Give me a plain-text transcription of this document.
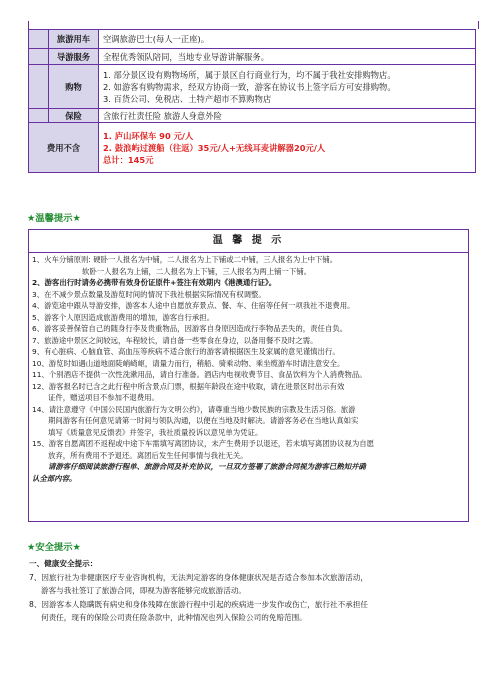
	旅游用车	空调旅游巴士(每人一正座)。

	导游服务	全程优秀领队陪同，当地专业导游讲解服务。

	购物	1. 部分景区设有购物场所，属于景区自行商业行为，均不属于我社安排购物店。
2. 如游客有购物需求，经双方协商一致，游客在协议书上签字后方可安排购物。
3. 百货公司、免税店、土特产超市不算购物店

	保险	含旅行社责任险 旅游人身意外险

费用不含		1. 庐山环保车 90 元/人
2. 鼓浪屿过渡船（往返）35元/人+无线耳麦讲解器20元/人
总计：145元
★温馨提示★
温 馨 提 示
1、火车分铺原则: 硬卧一人报名为中铺，二人报名为上下铺或二中铺，三人报名为上中下铺。
软卧一人报名为上铺，二人报名为上下铺，三人报名为两上铺一下铺。
2、游客出行时请务必携带有效身份证原件+签注有效期内《港澳通行证》。
3、在不减少景点数量及游览时间的情况下我社根据实际情况有权调整。
4、游览途中跟从导游安排，游客本人途中自愿放弃景点、餐、车、住宿等任何一项我社不退费用。
5、游客个人原因造成旅游费用的增加，游客自行承担。
6、游客妥善保管自己的随身行李及贵重物品，因游客自身原因造成行李物品丢失的，责任自负。
7、旅游途中景区之间较远，车程较长，请自备一些零食在身边，以备用餐不及时之需。
9、有心脏病、心脑血管、高血压等疾病不适合旅行的游客请根据医生及家属的意见谨慎出行。
10、游览时如遇山道地面陡峭崎岖，请量力而行，稍船、骑乘动物、乘坐缆游车时请注意安全。
11、个别酒店不提供一次性洗漱用品，请自行准备。酒店内电视收费节目、食品饮料为个人消费物品。
12、游客报名时已含之此行程中所含景点门票，根据年龄段在途中收取，请在进景区时出示有效
证件，赠送项目不参加不退费用。
14、请注意遵守《中国公民国内旅游行为文明公约》，请尊重当地少数民族的宗教及生活习俗。旅游
期间游客有任何意见请第一时间与领队沟通，以便在当地及时解决。请游客务必在当地认真如实
填写《质量意见反馈表》并签字，我社质量投诉以意见单为凭证。
15、游客自愿离团不返程或中途下车需填写离团协议，未产生费用予以退还，若未填写离团协议视为自愿
放弃，所有费用不予退还。离团后发生任何事情与我社无关。
请游客仔细阅读旅游行程单、旅游合同及补充协议，一旦双方签署了旅游合同视为游客已熟知并确
认全部内容。
★安全提示★
一、健康安全提示：
7、因旅行社为非健康医疗专业咨询机构，无法判定游客的身体健康状况是否适合参加本次旅游活动，
游客与我社签订了旅游合同，即视为游客能够完成旅游活动。
8、因游客本人隐瞒既有病史和身体残障在旅游行程中引起的疾病进一步发作或伤亡，旅行社不承担任
何责任，现有的保险公司责任险条款中，此种情况也列入保险公司的免赔范围。
